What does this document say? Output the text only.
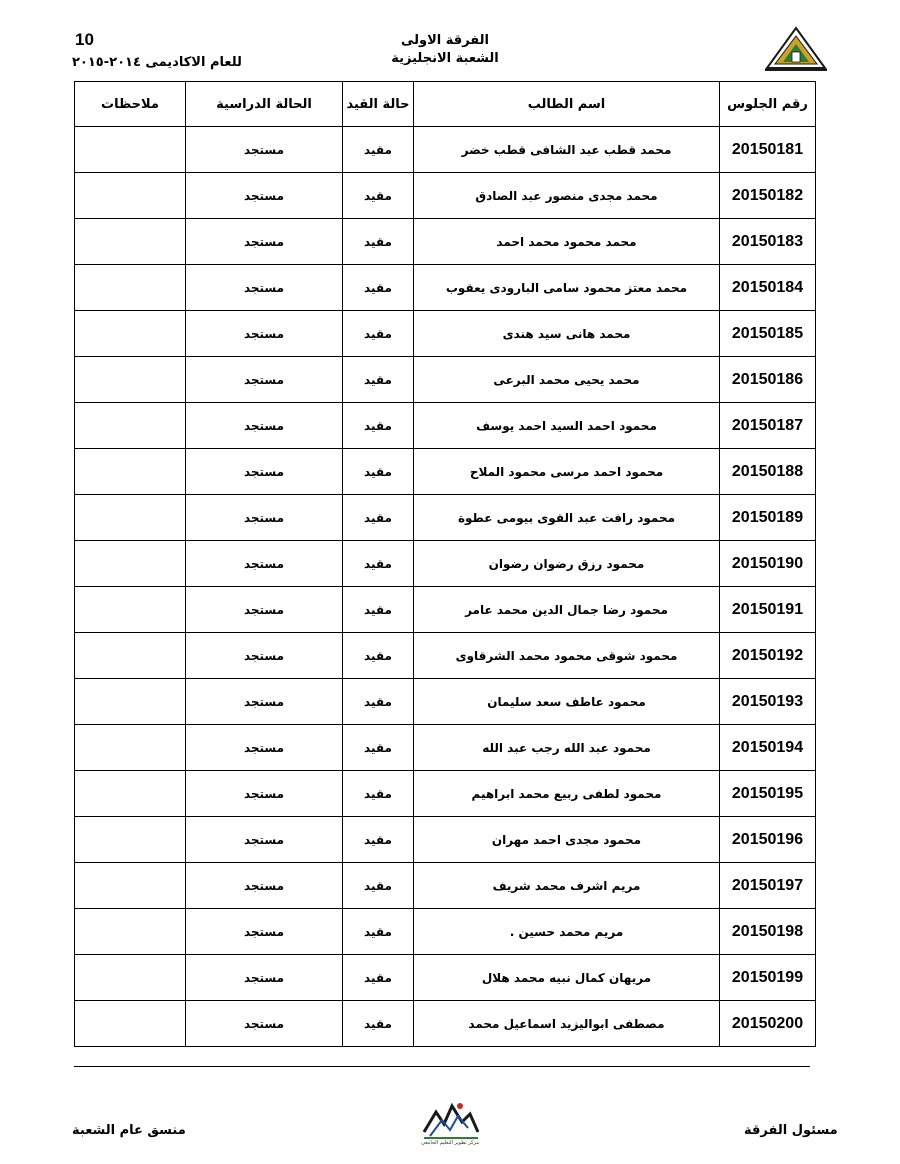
10
للعام الاكاديمى ٢٠١٤-٢٠١٥
الفرقة الاولى
الشعبة الانجليزية
رقم الجلوس	اسم الطالب	حالة القيد	الحالة الدراسية	ملاحظات
20150181	محمد قطب عبد الشافى قطب خضر	مقيد	مستجد	
20150182	محمد مجدى منصور عبد الصادق	مقيد	مستجد	
20150183	محمد محمود محمد احمد	مقيد	مستجد	
20150184	محمد معتز محمود سامى البارودى يعقوب	مقيد	مستجد	
20150185	محمد هانى سيد هندى	مقيد	مستجد	
20150186	محمد يحيى محمد البرعى	مقيد	مستجد	
20150187	محمود احمد السيد احمد يوسف	مقيد	مستجد	
20150188	محمود احمد مرسى محمود الملاح	مقيد	مستجد	
20150189	محمود رافت عبد القوى بيومى عطوة	مقيد	مستجد	
20150190	محمود رزق رضوان رضوان	مقيد	مستجد	
20150191	محمود رضا جمال الدين محمد عامر	مقيد	مستجد	
20150192	محمود شوقى محمود محمد الشرقاوى	مقيد	مستجد	
20150193	محمود عاطف سعد سليمان	مقيد	مستجد	
20150194	محمود عبد الله رجب عبد الله	مقيد	مستجد	
20150195	محمود لطفى ربيع محمد ابراهيم	مقيد	مستجد	
20150196	محمود مجدى احمد مهران	مقيد	مستجد	
20150197	مريم اشرف محمد شريف	مقيد	مستجد	
20150198	مريم محمد حسين .	مقيد	مستجد	
20150199	مريهان كمال نبيه محمد هلال	مقيد	مستجد	
20150200	مصطفى ابواليزيد اسماعيل محمد	مقيد	مستجد	
مسئول الفرقة
منسق عام الشعبة
مركز تطوير التعليم الجامعي
